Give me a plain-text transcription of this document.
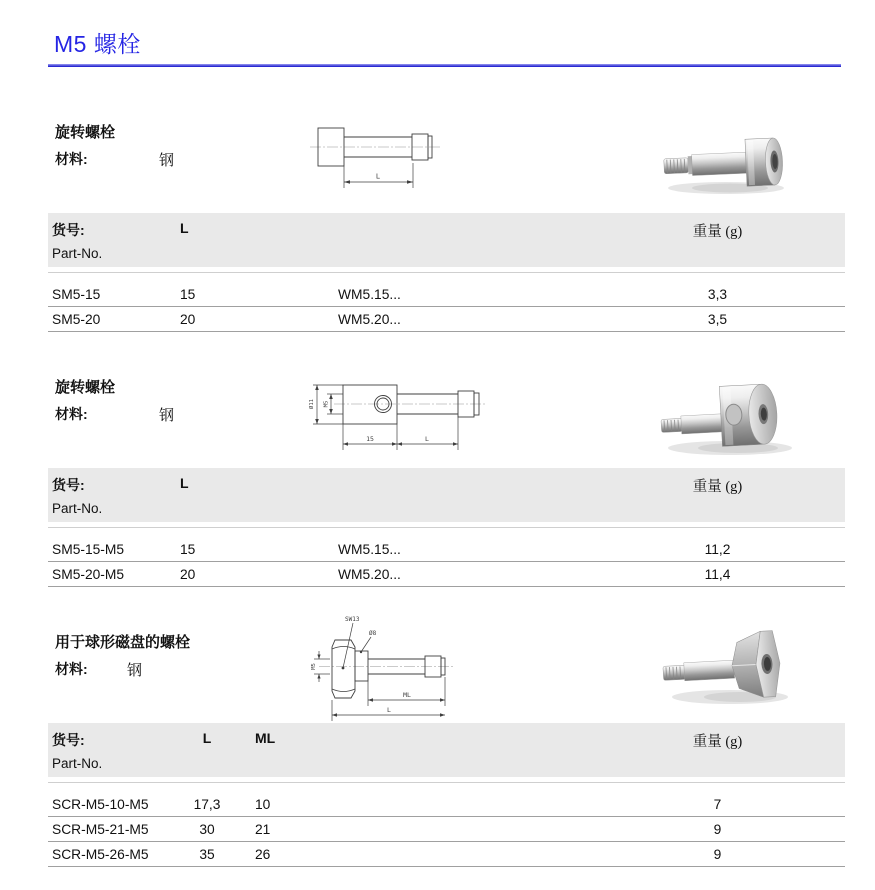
M5 螺栓
旋转螺栓
材料:	钢
L
货号:
Part-No.
L	重量 (g)
SM5-15	15	WM5.15...	3,3
SM5-20	20	WM5.20...	3,5
旋转螺栓
材料:	钢
Ø11 M5
15	L
货号:
Part-No.
L	重量 (g)
SM5-15-M5	15	WM5.15...	11,2
SM5-20-M5	20	WM5.20...	11,4
用于球形磁盘的螺栓
材料:	钢
SW13
Ø8
M5
ML
L
货号:
Part-No.
L	ML	重量 (g)
SCR-M5-10-M5	17,3	10	7
SCR-M5-21-M5	30	21	9
SCR-M5-26-M5	35	26	9
